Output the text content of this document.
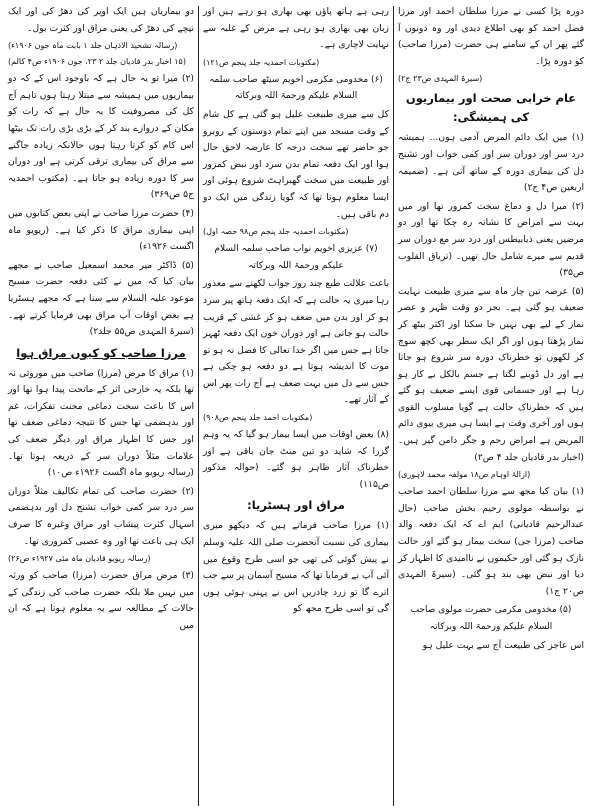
دورہ پڑا کسی نے مرزا سلطان احمد اور مرزا فضل احمد کو بھی اطلاع دیدی اور وہ دونوں آ گئے پھر ان کے سامنے ہی حضرت (مرزا صاحب) کو دورہ پڑا۔

(سیرۃ المہدی ص۲۳ ج۲)

عام خرابی صحت اور بیماریوں کی ہمیشگی:

(۱) میں ایک دائم المرض آدمی ہوں... ہمیشہ درد سر اور دوران سر اور کمی خواب اور تشنج دل کی بیماری دورہ کے ساتھ آتی ہے۔ (ضمیمہ اربعین ص۴ ج۲)

(۲) میرا دل و دماغ سخت کمزور تھا اور میں بہت سے امراض کا نشانہ رہ چکا تھا اور دو مرضیں یعنی ذیابیطس اور درد سر مع دوران سر قدیم سے میرے شامل حال تھیں۔ (تریاق القلوب ص۳۵)

(۵) عرصہ تین چار ماہ سے میری طبیعت نہایت ضعیف ہو گئی ہے۔ بجز دو وقت ظہر و عصر نماز کے لیے بھی نہیں جا سکتا اور اکثر بیٹھ کر نماز پڑھتا ہوں اور اگر ایک سطر بھی کچھ سوچ کر لکھوں تو خطرناک دورہ سر شروع ہو جاتا ہے اور دل ڈوبنے لگتا ہے جسم بالکل بے کار ہو رہا ہے اور جسمانی قوی ایسے ضعیف ہو گئے ہیں کہ خطرناک حالت ہے گویا مسلوب القوی ہوں اور آخری وقت ہے ایسا ہی میری بیوی دائم المریض ہے امراض رحم و جگر دامن گیر ہیں۔ (اخبار بدر قادیان جلد ۴ ص۲)

(ازالۂ اوہام ص۱۸ مولفہ محمد لاہوری)

(۱) بیان کیا مجھ سے مرزا سلطان احمد صاحب نے بواسطہ مولوی رحیم بخش صاحب (حال عبدالرحیم قادیانی) ایم اے کہ ایک دفعہ والد صاحب (مرزا جی) سخت بیمار ہو گئے اور حالت نازک ہو گئی اور حکیموں نے ناامیدی کا اظہار کر دیا اور نبض بھی بند ہو گئی۔ (سیرۃ المہدی ص۲۰ ج۱)

(۵) مخدومی مکرمی حضرت مولوی صاحب السلام علیکم ورحمۃ اللہ وبرکاتہ

اس عاجز کی طبیعت آج سے بہت علیل ہو

رہی ہے ہاتھ پاؤں بھی بھاری ہو رہے ہیں اور زبان بھی بھاری ہو رہی ہے مرض کے غلبہ سے نہایت لاچاری ہے۔

(مکتوبات احمدیہ جلد پنجم ص۱۲۱)

(۶) مخدومی مکرمی اخویم سیٹھ صاحب سلمہ السلام علیکم ورحمۃ اللہ وبرکاتہ

کل سے میری طبیعت علیل ہو گئی ہے کل شام کے وقت مسجد میں اپنے تمام دوستوں کے روبرو جو حاضر تھے سخت درجہ کا عارضہ لاحق حال ہوا اور ایک دفعہ تمام بدن سرد اور نبض کمزور اور طبیعت میں سخت گھبراہٹ شروع ہوئی اور ایسا معلوم ہوتا تھا کہ گویا زندگی میں ایک دو دم باقی ہیں۔

(مکتوبات احمدیہ جلد پنجم ص۹۸ حصہ اول)

(۷) عزیزی اخویم نواب صاحب سلمہ السلام علیکم ورحمۃ اللہ وبرکاتہ

باعث علالت طبع چند روز جواب لکھنے سے معذور رہا میری یہ حالت ہے کہ ایک دفعہ ہاتھ پیر سرد ہو کر اور بدن میں ضعف ہو کر غشی کے قریب حالت ہو جاتی ہے اور دوران خون ایک دفعہ ٹھہر جاتا ہے جس میں اگر خدا تعالی کا فضل نہ ہو تو موت کا اندیشہ ہوتا ہے دو دفعہ ہو چکی ہے جس سے دل میں بہت ضعف ہے آج رات پھر اس کے آثار تھے۔

(مکتوبات احمد جلد پنجم ص۹۰۸)

(۸) بعض اوقات میں ایسا بیمار ہو گیا کہ یہ وہم گزرا کہ شاید دو تین منٹ جان باقی ہے اور خطرناک آثار ظاہر ہو گئے۔ (حوالہ مذکور ص۱۱۵)

مراق اور ہسٹریا:

(۱) مرزا صاحب فرماتے ہیں کہ دیکھو میری بیماری کی نسبت آنحضرت صلی اللہ علیہ وسلم نے پیش گوئی کی تھی جو اسی طرح وقوع میں آئی آپ نے فرمایا تھا کہ مسیح آسمان پر سے جب اترے گا تو زرد چادریں اس نے پہنی ہوئی ہوں گی تو اسی طرح مجھ کو

دو بیماریاں ہیں ایک اوپر کی دھڑ کی اور ایک نیچے کی دھڑ کی یعنی مراق اور کثرت بول۔

(رسالہ تشحیذ الاذہان جلد ۱ بابت ماہ جون ۱۹۰۶ء)

(۱۵ اخبار بدر قادیان جلد ۲ ۲۳، جون ۱۹۰۶ء ص۴ کالم)

(۲) میرا تو یہ حال ہے کہ باوجود اس کے کہ دو بیماریوں میں ہمیشہ سے مبتلا رہتا ہوں تاہم آج کل کی مصروفیت کا یہ حال ہے کہ رات کو مکان کے دروازے بند کر کے بڑی بڑی رات تک بیٹھا اس کام کو کرتا رہتا ہوں حالانکہ زیادہ جاگنے سے مراق کی بیماری ترقی کرتی ہے اور دوران سر کا دورہ زیادہ ہو جاتا ہے۔ (مکتوب احمدیہ ج۵ ص۳۶۹)

(۴) حضرت مرزا صاحب نے اپنی بعض کتابوں میں اپنی بیماری مراق کا ذکر کیا ہے۔ (ریویو ماہ اگست ۱۹۲۶ء)

(۵) ڈاکٹر میر محمد اسمعیل صاحب نے مجھے بیان کیا کہ میں نے کئی دفعہ حضرت مسیح موعود علیہ السلام سے سنا ہے کہ مجھے ہسٹریا ہے بعض اوقات آپ مراق بھی فرمایا کرتے تھے۔ (سیرۃ المہدی ص۵۵ جلد۲)

مرزا صاحب کو کیوں مراق ہوا

(۱) مراق کا مرض (مرزا) صاحب میں موروثی نہ تھا بلکہ یہ خارجی اثر کے ماتحت پیدا ہوا تھا اور اس کا باعث سخت دماغی محنت تفکرات، غم اور بدہضمی تھا جس کا نتیجہ دماغی ضعف تھا اور جس کا اظہار مراق اور دیگر ضعف کی علامات مثلاً دوران سر کے ذریعہ ہوتا تھا۔ (رسالہ ریویو ماہ اگست ۱۹۲۶ء ص۱۰)

(۲) حضرت صاحب کی تمام تکالیف مثلاً دوران سر درد سر کمی خواب تشنج دل اور بدہضمی اسہال کثرت پیشاب اور مراق وغیرہ کا صرف ایک ہی باعث تھا اور وہ عصبی کمزوری تھا۔

(رسالہ ریویو قادیان ماہ مئی ۱۹۲۷ء ص۲۶)

(۳) مرض مراق حضرت (مرزا) صاحب کو ورثہ میں نہیں ملا بلکہ حضرت صاحب کی زندگی کے حالات کے مطالعہ سے یہ معلوم ہوتا ہے کہ ان میں
